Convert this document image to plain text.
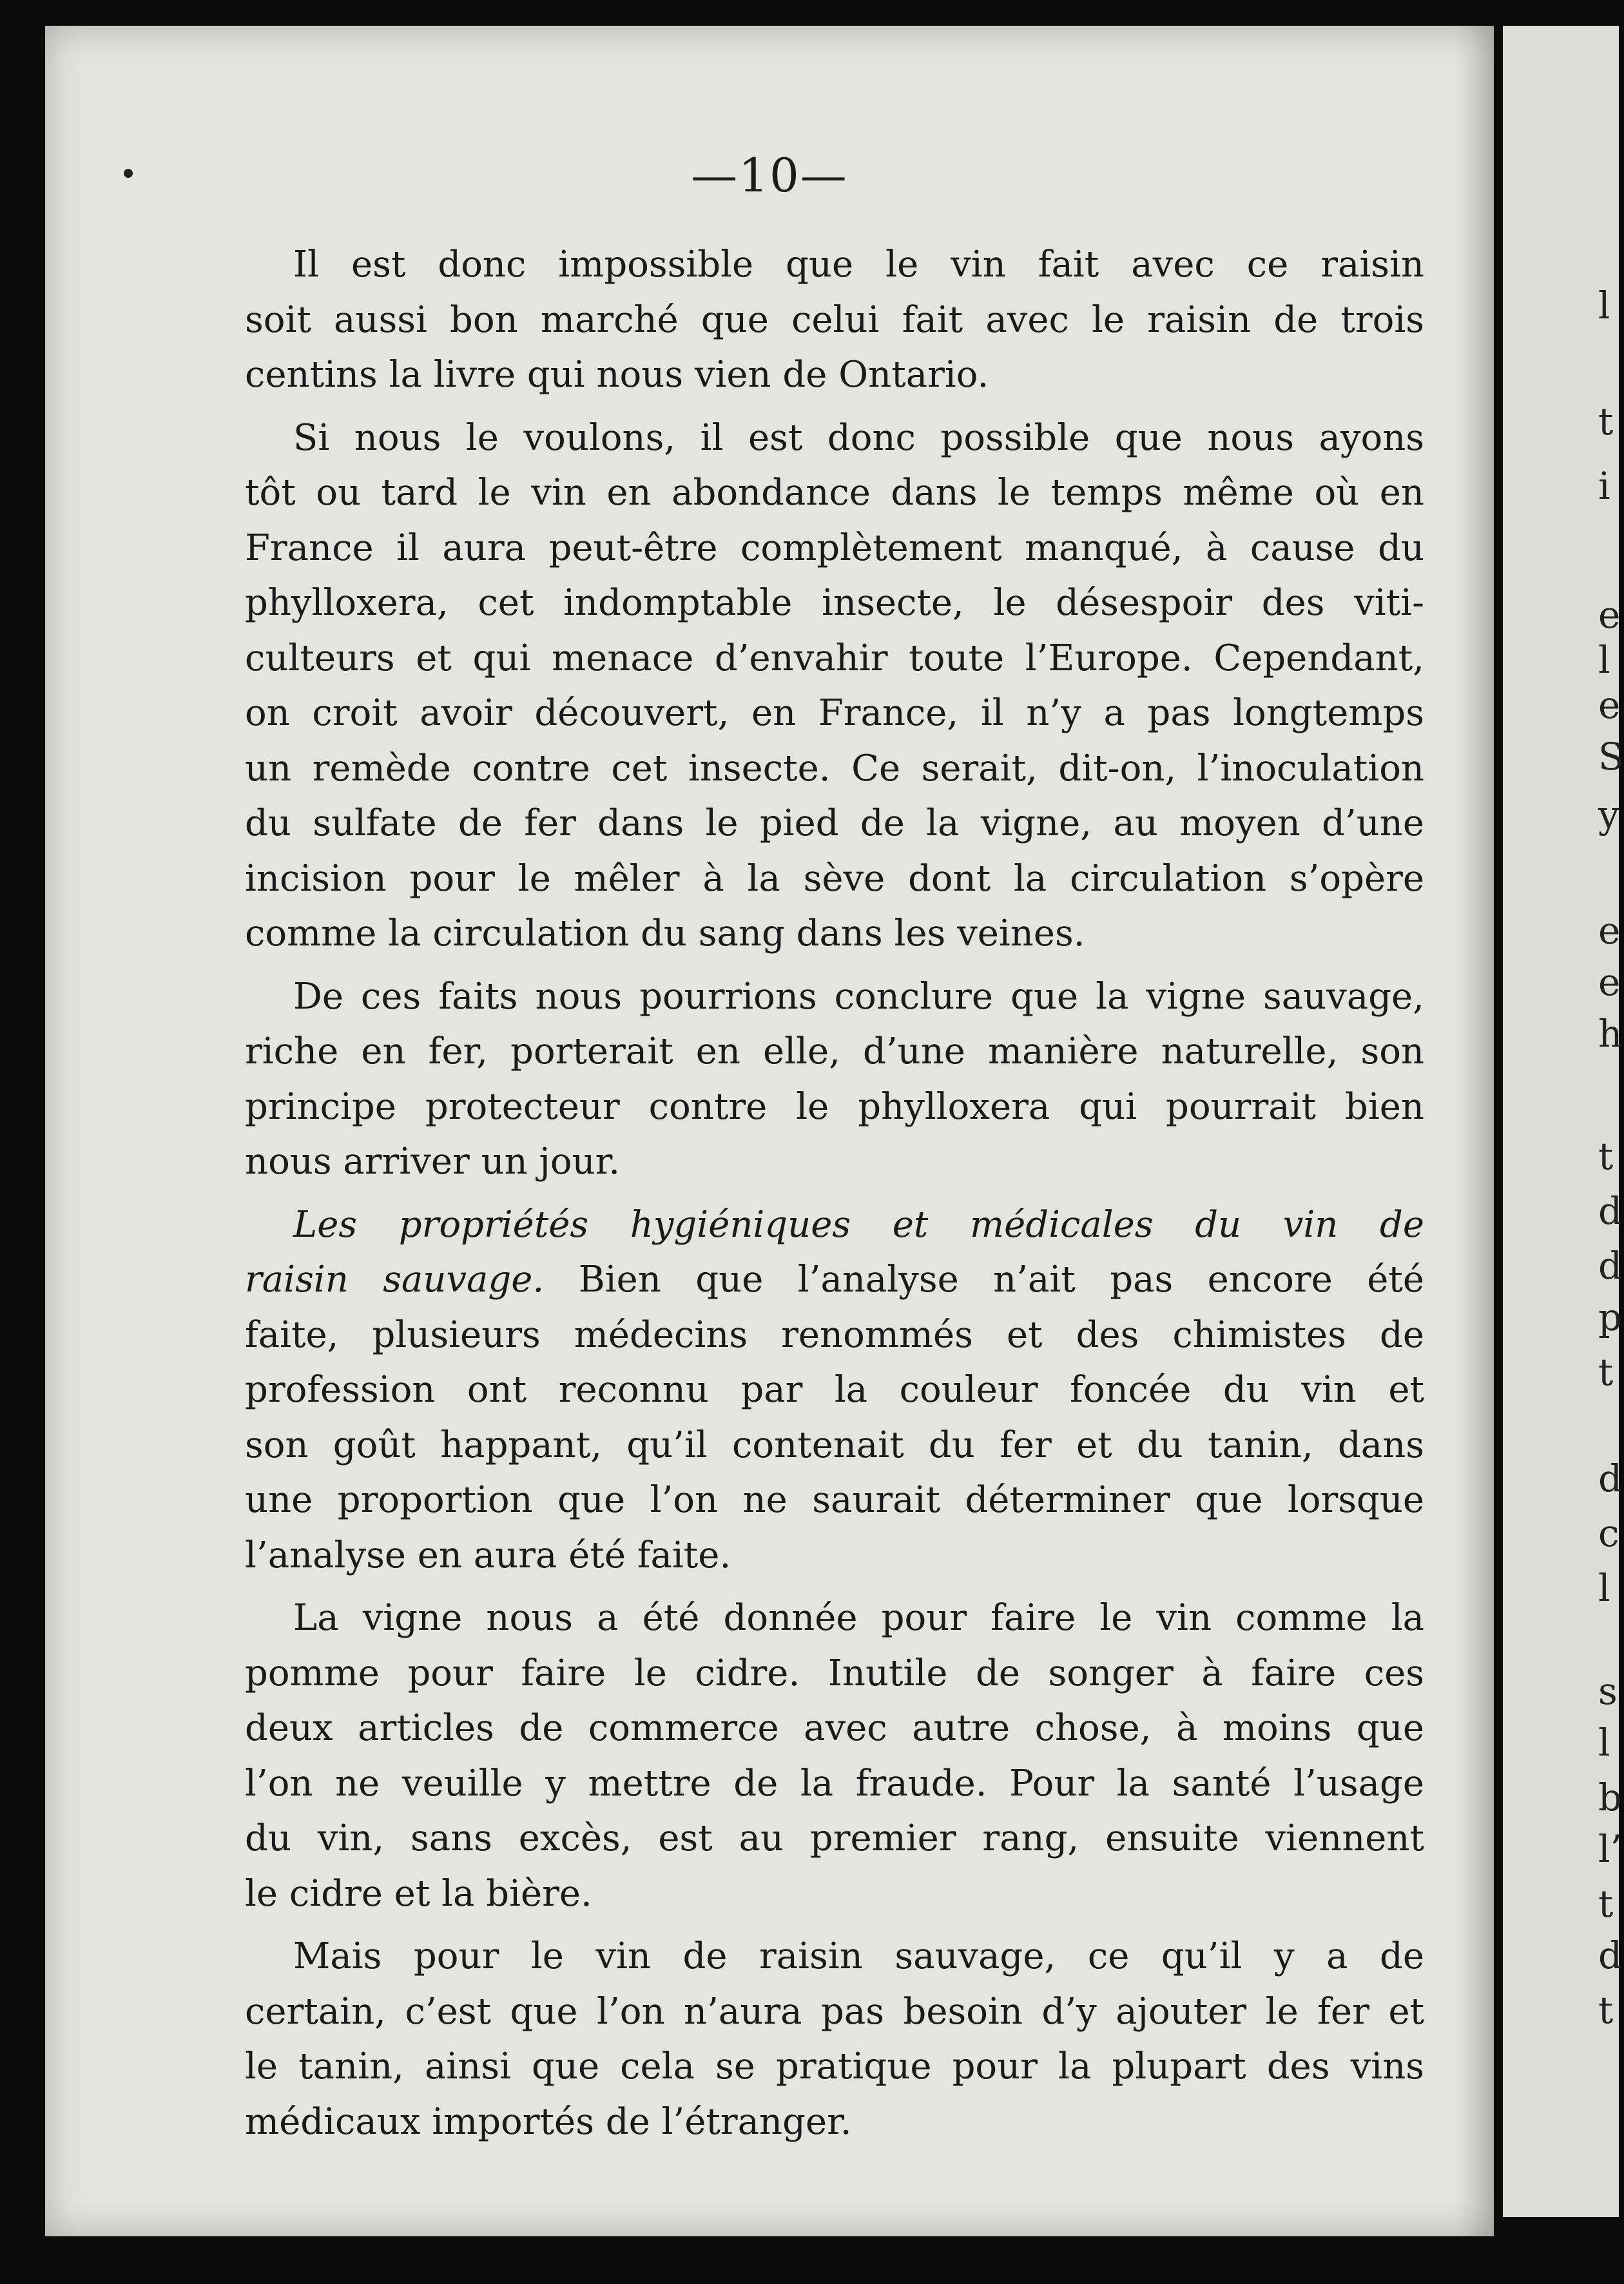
—10—

Il est donc impossible que le vin fait avec ce raisin
soit aussi bon marché que celui fait avec le raisin de trois
centins la livre qui nous vien de Ontario.

Si nous le voulons, il est donc possible que nous ayons
tôt ou tard le vin en abondance dans le temps même où en
France il aura peut-être complètement manqué, à cause du
phylloxera, cet indomptable insecte, le désespoir des viti-
culteurs et qui menace d’envahir toute l’Europe. Cependant,
on croit avoir découvert, en France, il n’y a pas longtemps
un remède contre cet insecte. Ce serait, dit-on, l’inoculation
du sulfate de fer dans le pied de la vigne, au moyen d’une
incision pour le mêler à la sève dont la circulation s’opère
comme la circulation du sang dans les veines.

De ces faits nous pourrions conclure que la vigne sauvage,
riche en fer, porterait en elle, d’une manière naturelle, son
principe protecteur contre le phylloxera qui pourrait bien
nous arriver un jour.

Les propriétés hygiéniques et médicales du vin de
raisin sauvage. Bien que l’analyse n’ait pas encore été
faite, plusieurs médecins renommés et des chimistes de
profession ont reconnu par la couleur foncée du vin et
son goût happant, qu’il contenait du fer et du tanin, dans
une proportion que l’on ne saurait déterminer que lorsque
l’analyse en aura été faite.

La vigne nous a été donnée pour faire le vin comme la
pomme pour faire le cidre. Inutile de songer à faire ces
deux articles de commerce avec autre chose, à moins que
l’on ne veuille y mettre de la fraude. Pour la santé l’usage
du vin, sans excès, est au premier rang, ensuite viennent
le cidre et la bière.

Mais pour le vin de raisin sauvage, ce qu’il y a de
certain, c’est que l’on n’aura pas besoin d’y ajouter le fer et
le tanin, ainsi que cela se pratique pour la plupart des vins
médicaux importés de l’étranger.

l
t
i
e
l
e
S
y
e
e
h
t
d
d
p
t
d
c
l
s
l
b
l’
t
d
t
